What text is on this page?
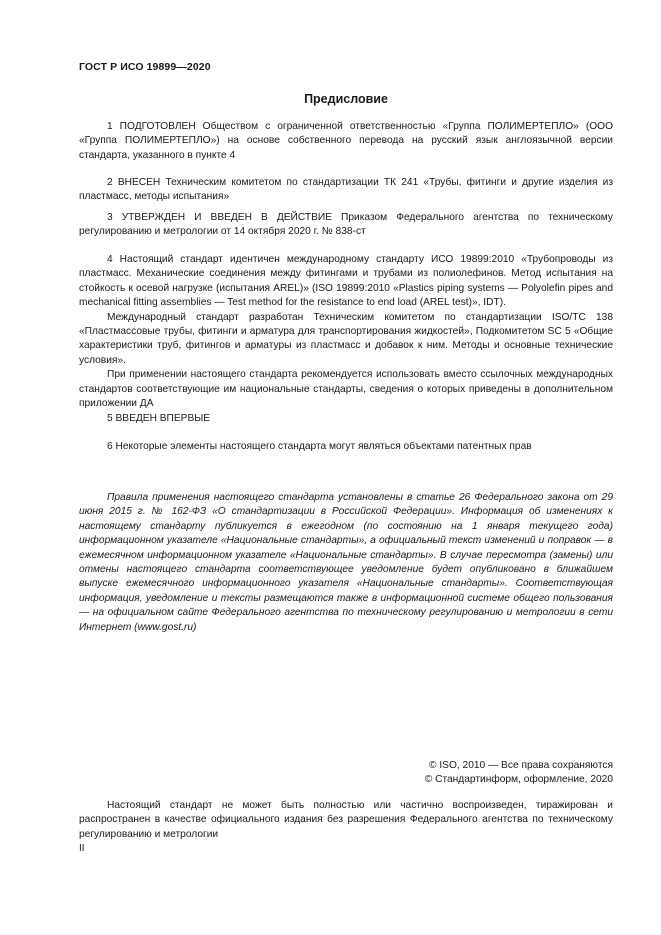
ГОСТ Р ИСО 19899—2020
Предисловие

1 ПОДГОТОВЛЕН Обществом с ограниченной ответственностью «Группа ПОЛИМЕРТЕПЛО» (ООО «Группа ПОЛИМЕРТЕПЛО») на основе собственного перевода на русский язык англоязычной версии стандарта, указанного в пункте 4

2 ВНЕСЕН Техническим комитетом по стандартизации ТК 241 «Трубы, фитинги и другие изделия из пластмасс, методы испытания»

3 УТВЕРЖДЕН И ВВЕДЕН В ДЕЙСТВИЕ Приказом Федерального агентства по техническому регулированию и метрологии от 14 октября 2020 г. № 838-ст

4 Настоящий стандарт идентичен международному стандарту ИСО 19899:2010 «Трубопроводы из пластмасс. Механические соединения между фитингами и трубами из полиолефинов. Метод испытания на стойкость к осевой нагрузке (испытания AREL)» (ISO 19899:2010 «Plastics piping systems — Polyolefin pipes and mechanical fitting assemblies — Test method for the resistance to end load (AREL test)», IDT).

Международный стандарт разработан Техническим комитетом по стандартизации ISO/TC 138 «Пластмассовые трубы, фитинги и арматура для транспортирования жидкостей», Подкомитетом SC 5 «Общие характеристики труб, фитингов и арматуры из пластмасс и добавок к ним. Методы и основные технические условия».

При применении настоящего стандарта рекомендуется использовать вместо ссылочных международных стандартов соответствующие им национальные стандарты, сведения о которых приведены в дополнительном приложении ДА

5 ВВЕДЕН ВПЕРВЫЕ

6 Некоторые элементы настоящего стандарта могут являться объектами патентных прав

Правила применения настоящего стандарта установлены в статье 26 Федерального закона от 29 июня 2015 г. № 162-ФЗ «О стандартизации в Российской Федерации». Информация об изменениях к настоящему стандарту публикуется в ежегодном (по состоянию на 1 января текущего года) информационном указателе «Национальные стандарты», а официальный текст изменений и поправок — в ежемесячном информационном указателе «Национальные стандарты». В случае пересмотра (замены) или отмены настоящего стандарта соответствующее уведомление будет опубликовано в ближайшем выпуске ежемесячного информационного указателя «Национальные стандарты». Соответствующая информация, уведомление и тексты размещаются также в информационной системе общего пользования — на официальном сайте Федерального агентства по техническому регулированию и метрологии в сети Интернет (www.gost.ru)

© ISO, 2010 — Все права сохраняются
© Стандартинформ, оформление, 2020

Настоящий стандарт не может быть полностью или частично воспроизведен, тиражирован и распространен в качестве официального издания без разрешения Федерального агентства по техническому регулированию и метрологии

II
